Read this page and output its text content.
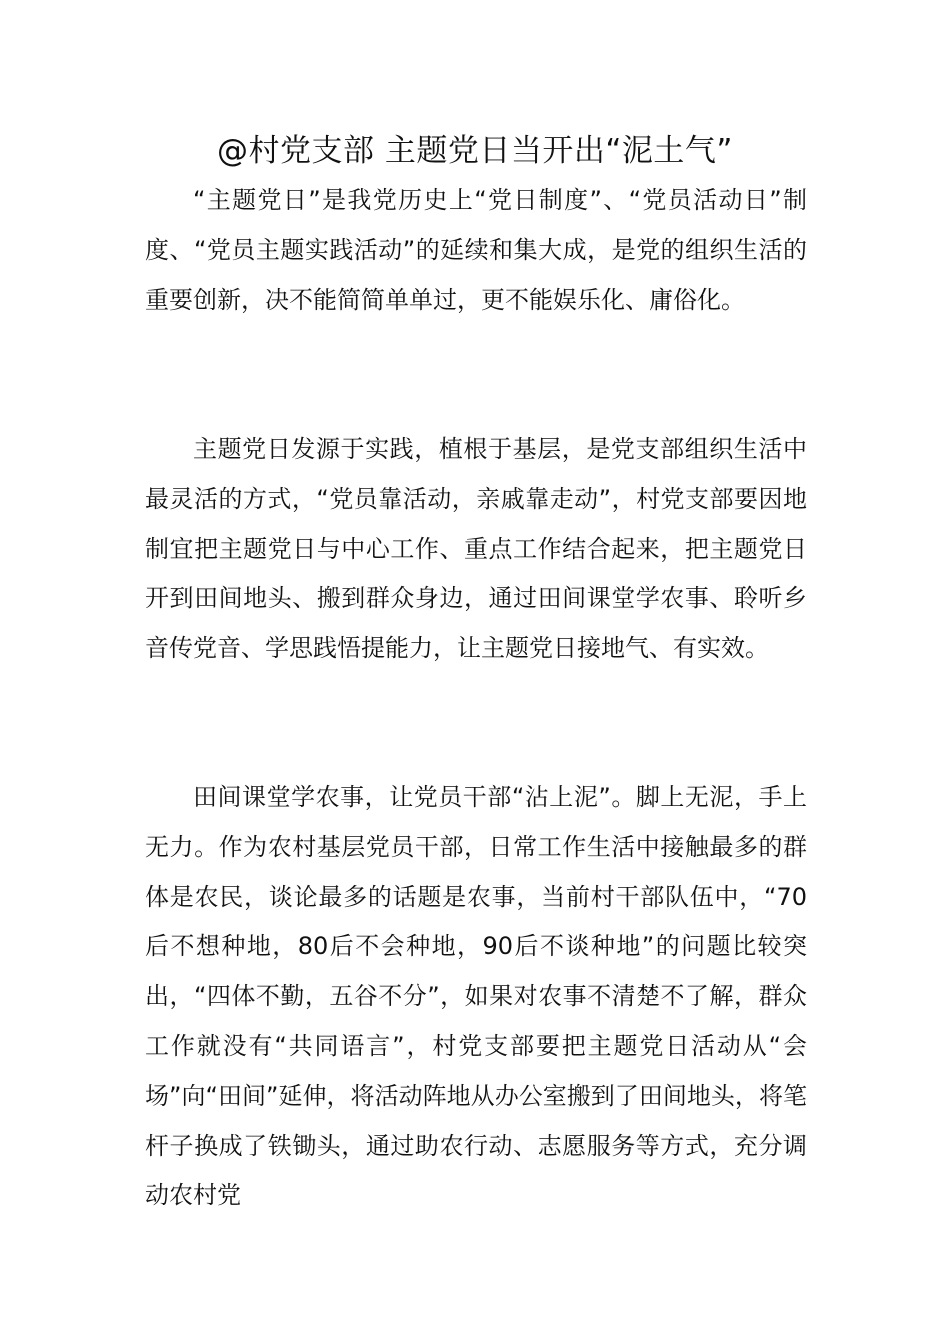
@村党支部 主题党日当开出“泥土气”

“主题党日”是我党历史上“党日制度”、“党员活动日”制度、“党员主题实践活动”的延续和集大成，是党的组织生活的重要创新，决不能简简单单过，更不能娱乐化、庸俗化。

主题党日发源于实践，植根于基层，是党支部组织生活中最灵活的方式，“党员靠活动，亲戚靠走动”，村党支部要因地制宜把主题党日与中心工作、重点工作结合起来，把主题党日开到田间地头、搬到群众身边，通过田间课堂学农事、聆听乡音传党音、学思践悟提能力，让主题党日接地气、有实效。

田间课堂学农事，让党员干部“沾上泥”。脚上无泥，手上无力。作为农村基层党员干部，日常工作生活中接触最多的群体是农民，谈论最多的话题是农事，当前村干部队伍中，“70后不想种地，80后不会种地，90后不谈种地”的问题比较突出，“四体不勤，五谷不分”，如果对农事不清楚不了解，群众工作就没有“共同语言”，村党支部要把主题党日活动从“会场”向“田间”延伸，将活动阵地从办公室搬到了田间地头，将笔杆子换成了铁锄头，通过助农行动、志愿服务等方式，充分调动农村党
